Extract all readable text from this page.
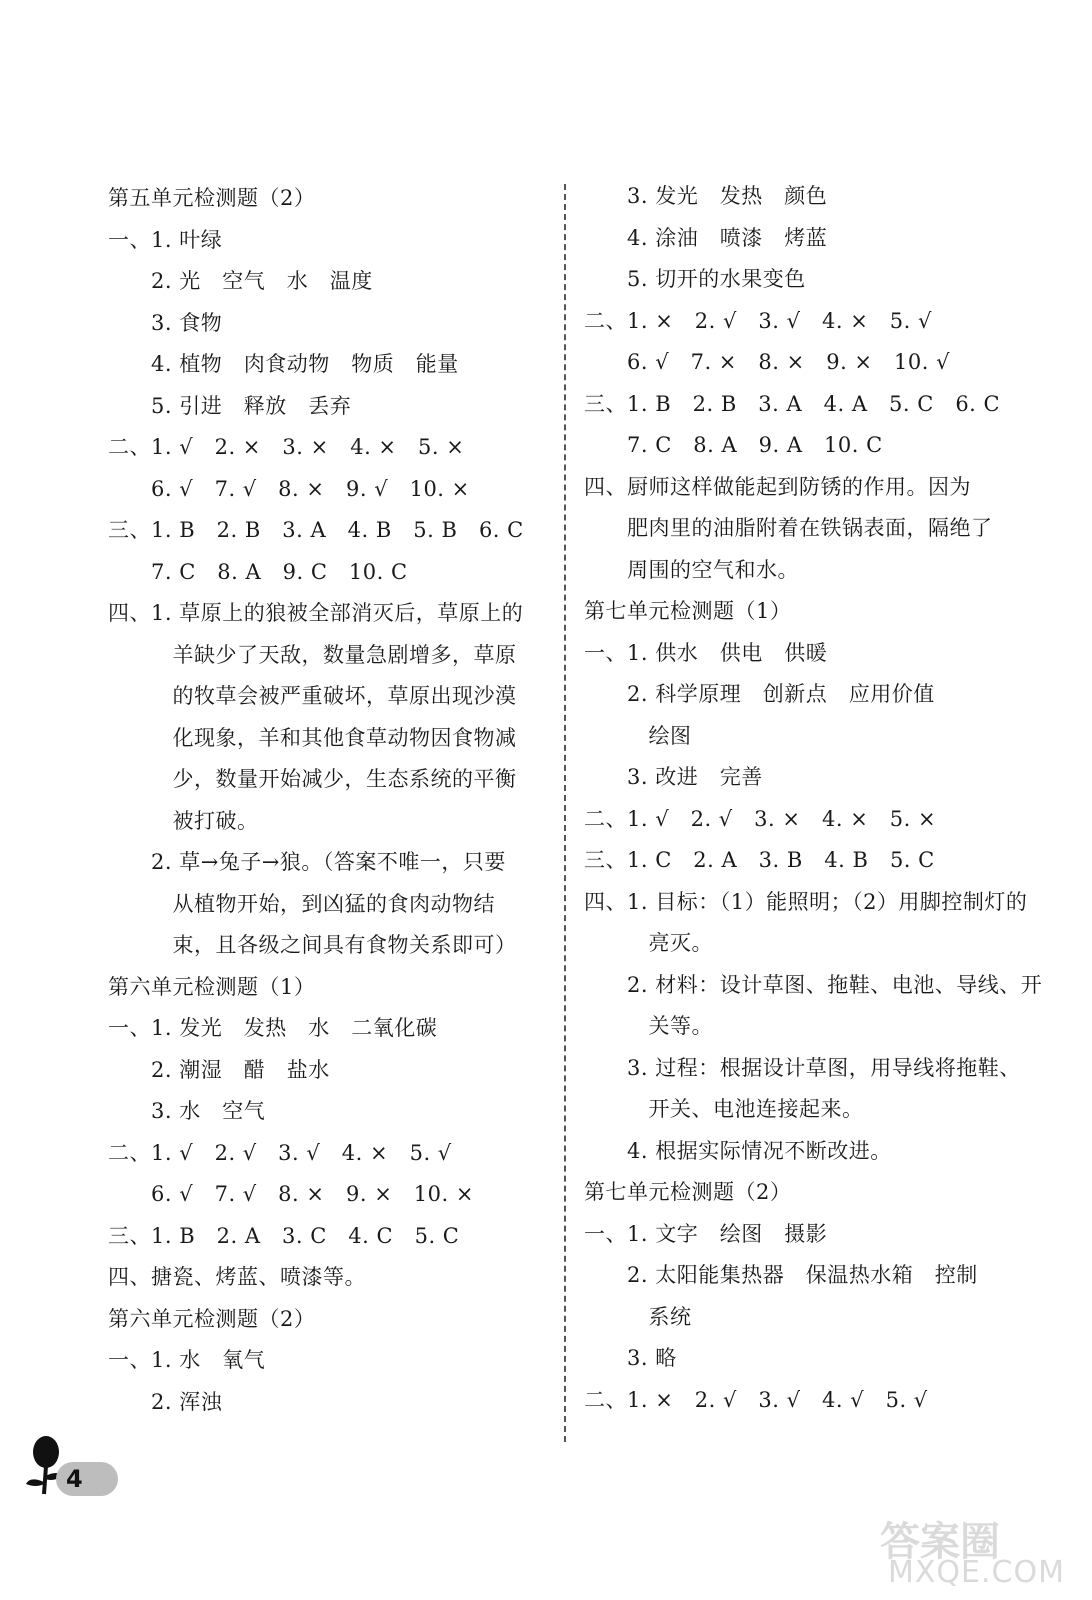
第五单元检测题（2）
一、1. 叶绿
　　2. 光　空气　水　温度
　　3. 食物
　　4. 植物　肉食动物　物质　能量
　　5. 引进　释放　丢弃
二、1. √　2. ×　3. ×　4. ×　5. ×
　　6. √　7. √　8. ×　9. √　10. ×
三、1. B　2. B　3. A　4. B　5. B　6. C
　　7. C　8. A　9. C　10. C
四、1. 草原上的狼被全部消灭后，草原上的
　　　羊缺少了天敌，数量急剧增多，草原
　　　的牧草会被严重破坏，草原出现沙漠
　　　化现象，羊和其他食草动物因食物减
　　　少，数量开始减少，生态系统的平衡
　　　被打破。
　　2. 草→兔子→狼。（答案不唯一，只要
　　　从植物开始，到凶猛的食肉动物结
　　　束，且各级之间具有食物关系即可）
第六单元检测题（1）
一、1. 发光　发热　水　二氧化碳
　　2. 潮湿　醋　盐水
　　3. 水　空气
二、1. √　2. √　3. √　4. ×　5. √
　　6. √　7. √　8. ×　9. ×　10. ×
三、1. B　2. A　3. C　4. C　5. C
四、搪瓷、烤蓝、喷漆等。
第六单元检测题（2）
一、1. 水　氧气
　　2. 浑浊
　　3. 发光　发热　颜色
　　4. 涂油　喷漆　烤蓝
　　5. 切开的水果变色
二、1. ×　2. √　3. √　4. ×　5. √
　　6. √　7. ×　8. ×　9. ×　10. √
三、1. B　2. B　3. A　4. A　5. C　6. C
　　7. C　8. A　9. A　10. C
四、厨师这样做能起到防锈的作用。因为
　　肥肉里的油脂附着在铁锅表面，隔绝了
　　周围的空气和水。
第七单元检测题（1）
一、1. 供水　供电　供暖
　　2. 科学原理　创新点　应用价值
　　　绘图
　　3. 改进　完善
二、1. √　2. √　3. ×　4. ×　5. ×
三、1. C　2. A　3. B　4. B　5. C
四、1. 目标：（1）能照明；（2）用脚控制灯的
　　　亮灭。
　　2. 材料：设计草图、拖鞋、电池、导线、开
　　　关等。
　　3. 过程：根据设计草图，用导线将拖鞋、
　　　开关、电池连接起来。
　　4. 根据实际情况不断改进。
第七单元检测题（2）
一、1. 文字　绘图　摄影
　　2. 太阳能集热器　保温热水箱　控制
　　　系统
　　3. 略
二、1. ×　2. √　3. √　4. √　5. √
4
答案圈
MXQE.COM
